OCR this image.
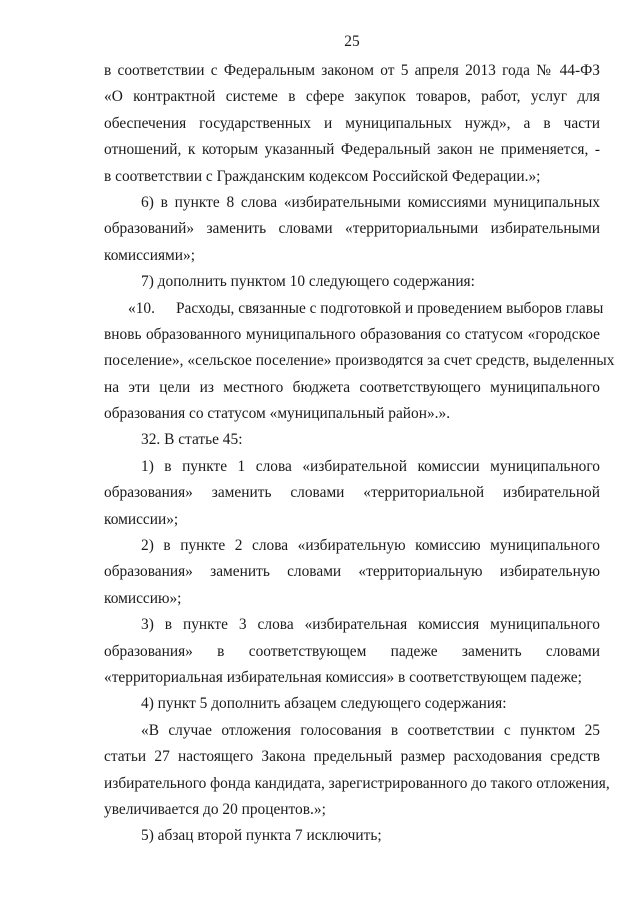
25
в соответствии с Федеральным законом от 5 апреля 2013 года № 44-ФЗ
«О контрактной системе в сфере закупок товаров, работ, услуг для
обеспечения государственных и муниципальных нужд», а в части
отношений, к которым указанный Федеральный закон не применяется, -
в соответствии с Гражданским кодексом Российской Федерации.»;
6) в пункте 8 слова «избирательными комиссиями муниципальных
образований» заменить словами «территориальными избирательными
комиссиями»;
7) дополнить пунктом 10 следующего содержания:
«10. Расходы, связанные с подготовкой и проведением выборов главы
вновь образованного муниципального образования со статусом «городское
поселение», «сельское поселение» производятся за счет средств, выделенных
на эти цели из местного бюджета соответствующего муниципального
образования со статусом «муниципальный район».».
32. В статье 45:
1) в пункте 1 слова «избирательной комиссии муниципального
образования» заменить словами «территориальной избирательной
комиссии»;
2) в пункте 2 слова «избирательную комиссию муниципального
образования» заменить словами «территориальную избирательную
комиссию»;
3) в пункте 3 слова «избирательная комиссия муниципального
образования» в соответствующем падеже заменить словами
«территориальная избирательная комиссия» в соответствующем падеже;
4) пункт 5 дополнить абзацем следующего содержания:
«В случае отложения голосования в соответствии с пунктом 25
статьи 27 настоящего Закона предельный размер расходования средств
избирательного фонда кандидата, зарегистрированного до такого отложения,
увеличивается до 20 процентов.»;
5) абзац второй пункта 7 исключить;
